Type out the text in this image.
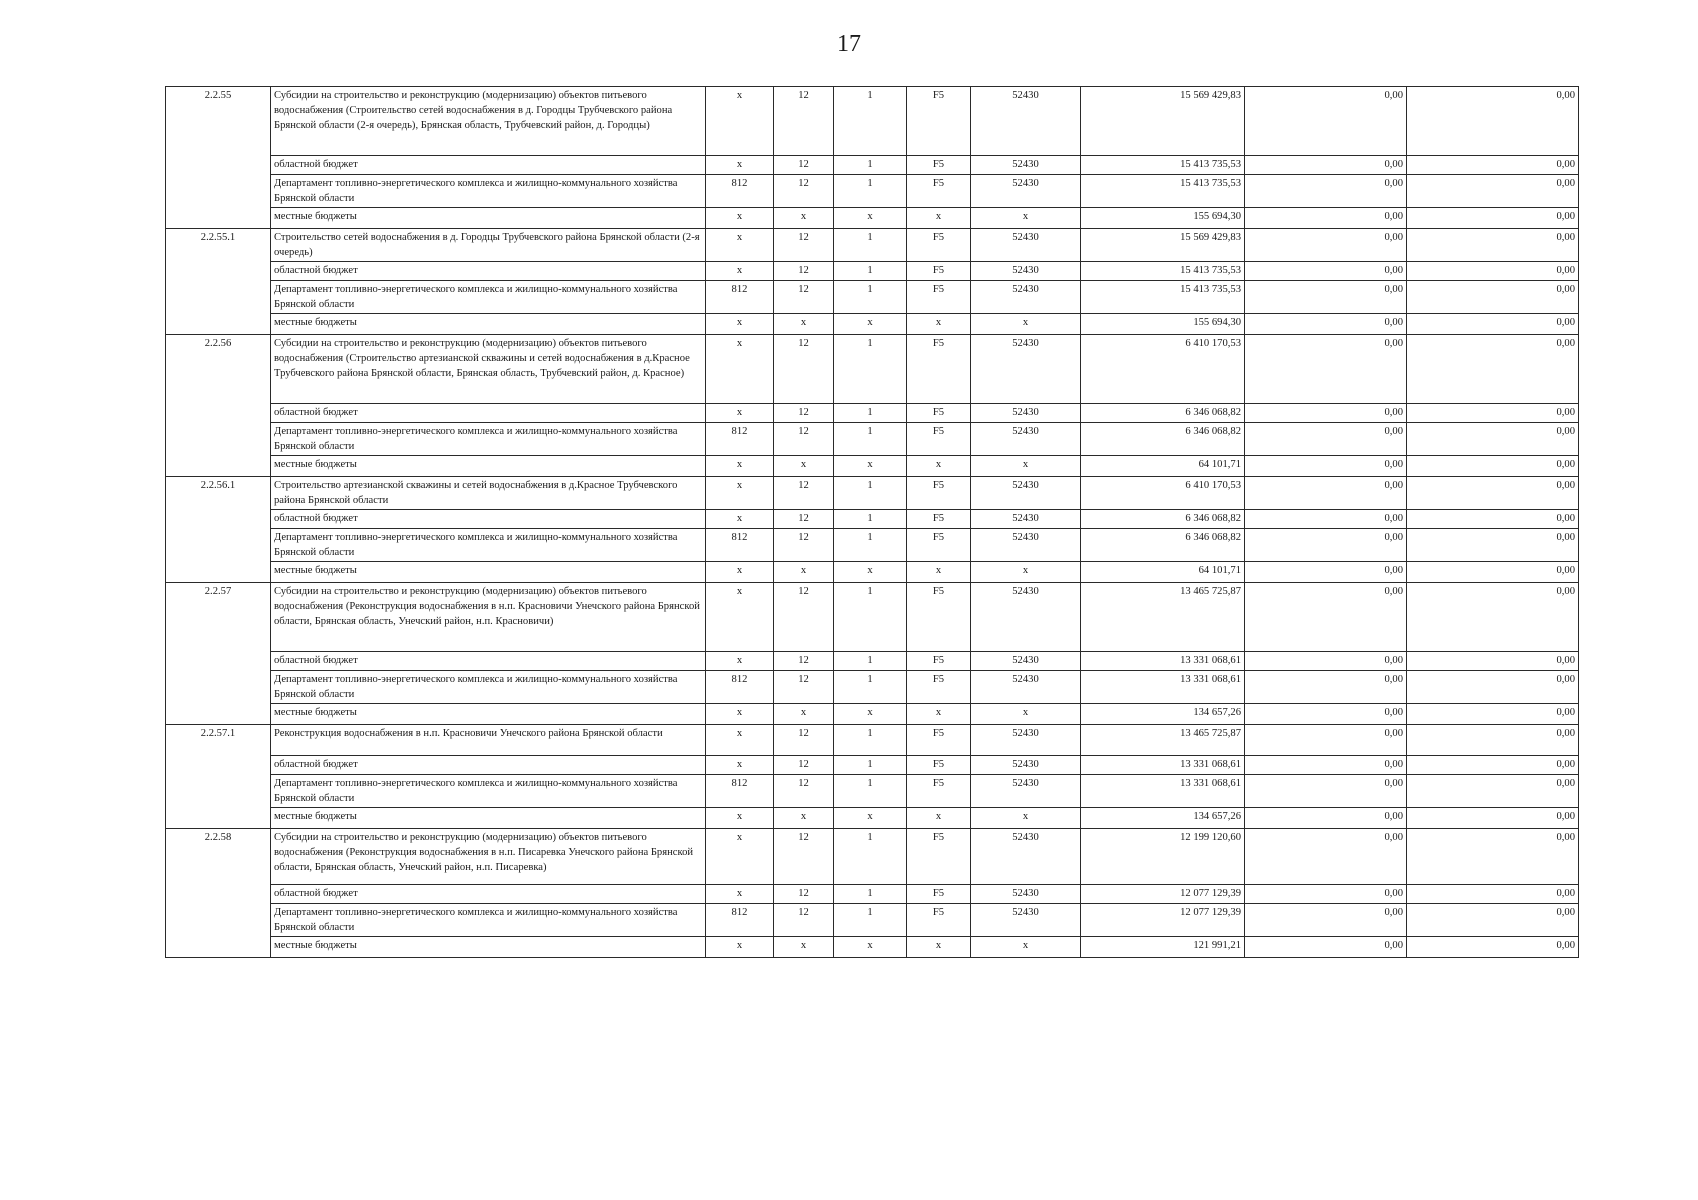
17
2.2.55	Субсидии на строительство и реконструкцию (модернизацию) объектов питьевого водоснабжения (Строительство сетей водоснабжения в д. Городцы Трубчевского района Брянской области (2-я очередь), Брянская область, Трубчевский район, д. Городцы)	x	12	1	F5	52430	15 569 429,83	0,00	0,00
	областной бюджет	x	12	1	F5	52430	15 413 735,53	0,00	0,00
	Департамент топливно-энергетического комплекса и жилищно-коммунального хозяйства Брянской области	812	12	1	F5	52430	15 413 735,53	0,00	0,00
	местные бюджеты	x	x	x	x	x	155 694,30	0,00	0,00
2.2.55.1	Строительство сетей водоснабжения в д. Городцы Трубчевского района Брянской области (2-я очередь)	x	12	1	F5	52430	15 569 429,83	0,00	0,00
	областной бюджет	x	12	1	F5	52430	15 413 735,53	0,00	0,00
	Департамент топливно-энергетического комплекса и жилищно-коммунального хозяйства Брянской области	812	12	1	F5	52430	15 413 735,53	0,00	0,00
	местные бюджеты	x	x	x	x	x	155 694,30	0,00	0,00
2.2.56	Субсидии на строительство и реконструкцию (модернизацию) объектов питьевого водоснабжения (Строительство артезианской скважины и сетей водоснабжения в д.Красное Трубчевского района Брянской области, Брянская область, Трубчевский район, д. Красное)	x	12	1	F5	52430	6 410 170,53	0,00	0,00
	областной бюджет	x	12	1	F5	52430	6 346 068,82	0,00	0,00
	Департамент топливно-энергетического комплекса и жилищно-коммунального хозяйства Брянской области	812	12	1	F5	52430	6 346 068,82	0,00	0,00
	местные бюджеты	x	x	x	x	x	64 101,71	0,00	0,00
2.2.56.1	Строительство артезианской скважины и сетей водоснабжения в д.Красное Трубчевского района Брянской области	x	12	1	F5	52430	6 410 170,53	0,00	0,00
	областной бюджет	x	12	1	F5	52430	6 346 068,82	0,00	0,00
	Департамент топливно-энергетического комплекса и жилищно-коммунального хозяйства Брянской области	812	12	1	F5	52430	6 346 068,82	0,00	0,00
	местные бюджеты	x	x	x	x	x	64 101,71	0,00	0,00
2.2.57	Субсидии на строительство и реконструкцию (модернизацию) объектов питьевого водоснабжения (Реконструкция водоснабжения в н.п. Красновичи Унечского района Брянской области, Брянская область, Унечский район, н.п. Красновичи)	x	12	1	F5	52430	13 465 725,87	0,00	0,00
	областной бюджет	x	12	1	F5	52430	13 331 068,61	0,00	0,00
	Департамент топливно-энергетического комплекса и жилищно-коммунального хозяйства Брянской области	812	12	1	F5	52430	13 331 068,61	0,00	0,00
	местные бюджеты	x	x	x	x	x	134 657,26	0,00	0,00
2.2.57.1	Реконструкция водоснабжения в н.п. Красновичи Унечского района Брянской области	x	12	1	F5	52430	13 465 725,87	0,00	0,00
	областной бюджет	x	12	1	F5	52430	13 331 068,61	0,00	0,00
	Департамент топливно-энергетического комплекса и жилищно-коммунального хозяйства Брянской области	812	12	1	F5	52430	13 331 068,61	0,00	0,00
	местные бюджеты	x	x	x	x	x	134 657,26	0,00	0,00
2.2.58	Субсидии на строительство и реконструкцию (модернизацию) объектов питьевого водоснабжения (Реконструкция водоснабжения в н.п. Писаревка Унечского района Брянской области, Брянская область, Унечский район, н.п. Писаревка)	x	12	1	F5	52430	12 199 120,60	0,00	0,00
	областной бюджет	x	12	1	F5	52430	12 077 129,39	0,00	0,00
	Департамент топливно-энергетического комплекса и жилищно-коммунального хозяйства Брянской области	812	12	1	F5	52430	12 077 129,39	0,00	0,00
	местные бюджеты	x	x	x	x	x	121 991,21	0,00	0,00
